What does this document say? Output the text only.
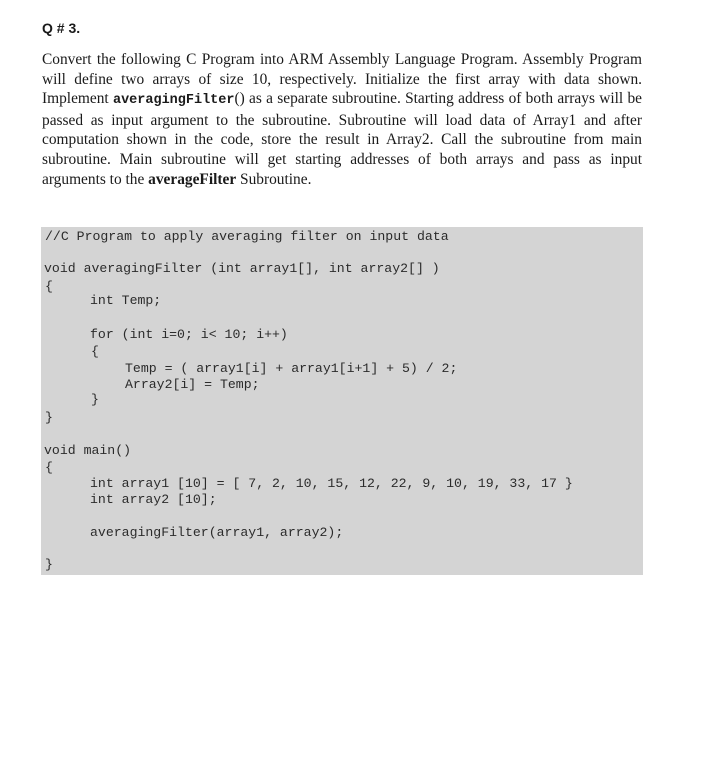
Q # 3.

Convert the following C Program into ARM Assembly Language Program. Assembly Program will define two arrays of size 10, respectively. Initialize the first array with data shown. Implement averagingFilter() as a separate subroutine. Starting address of both arrays will be passed as input argument to the subroutine. Subroutine will load data of Array1 and after computation shown in the code, store the result in Array2. Call the subroutine from main subroutine. Main subroutine will get starting addresses of both arrays and pass as input arguments to the averageFilter Subroutine.

//C Program to apply averaging filter on input data
void averagingFilter (int array1[], int array2[] )
{
int Temp;
for (int i=0; i< 10; i++)
{
Temp = ( array1[i] + array1[i+1] + 5) / 2;
Array2[i] = Temp;
}
}
void main()
{
int array1 [10] = [ 7, 2, 10, 15, 12, 22, 9, 10, 19, 33, 17 }
int array2 [10];
averagingFilter(array1, array2);
}
